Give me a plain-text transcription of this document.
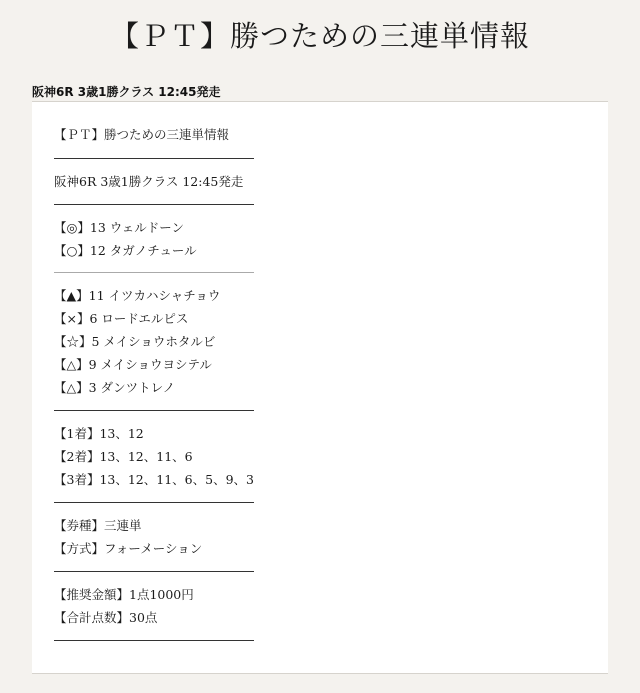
【ＰＴ】勝つための三連単情報
阪神6R 3歳1勝クラス 12:45発走
【ＰＴ】勝つための三連単情報
阪神6R 3歳1勝クラス 12:45発走
【◎】13 ウェルドーン
【○】12 タガノチュール
【▲】11 イツカハシャチョウ
【×】6 ロードエルピス
【☆】5 メイショウホタルビ
【△】9 メイショウヨシテル
【△】3 ダンツトレノ
【1着】13、12
【2着】13、12、11、6
【3着】13、12、11、6、5、9、3
【券種】三連単
【方式】フォーメーション
【推奨金額】1点1000円
【合計点数】30点
